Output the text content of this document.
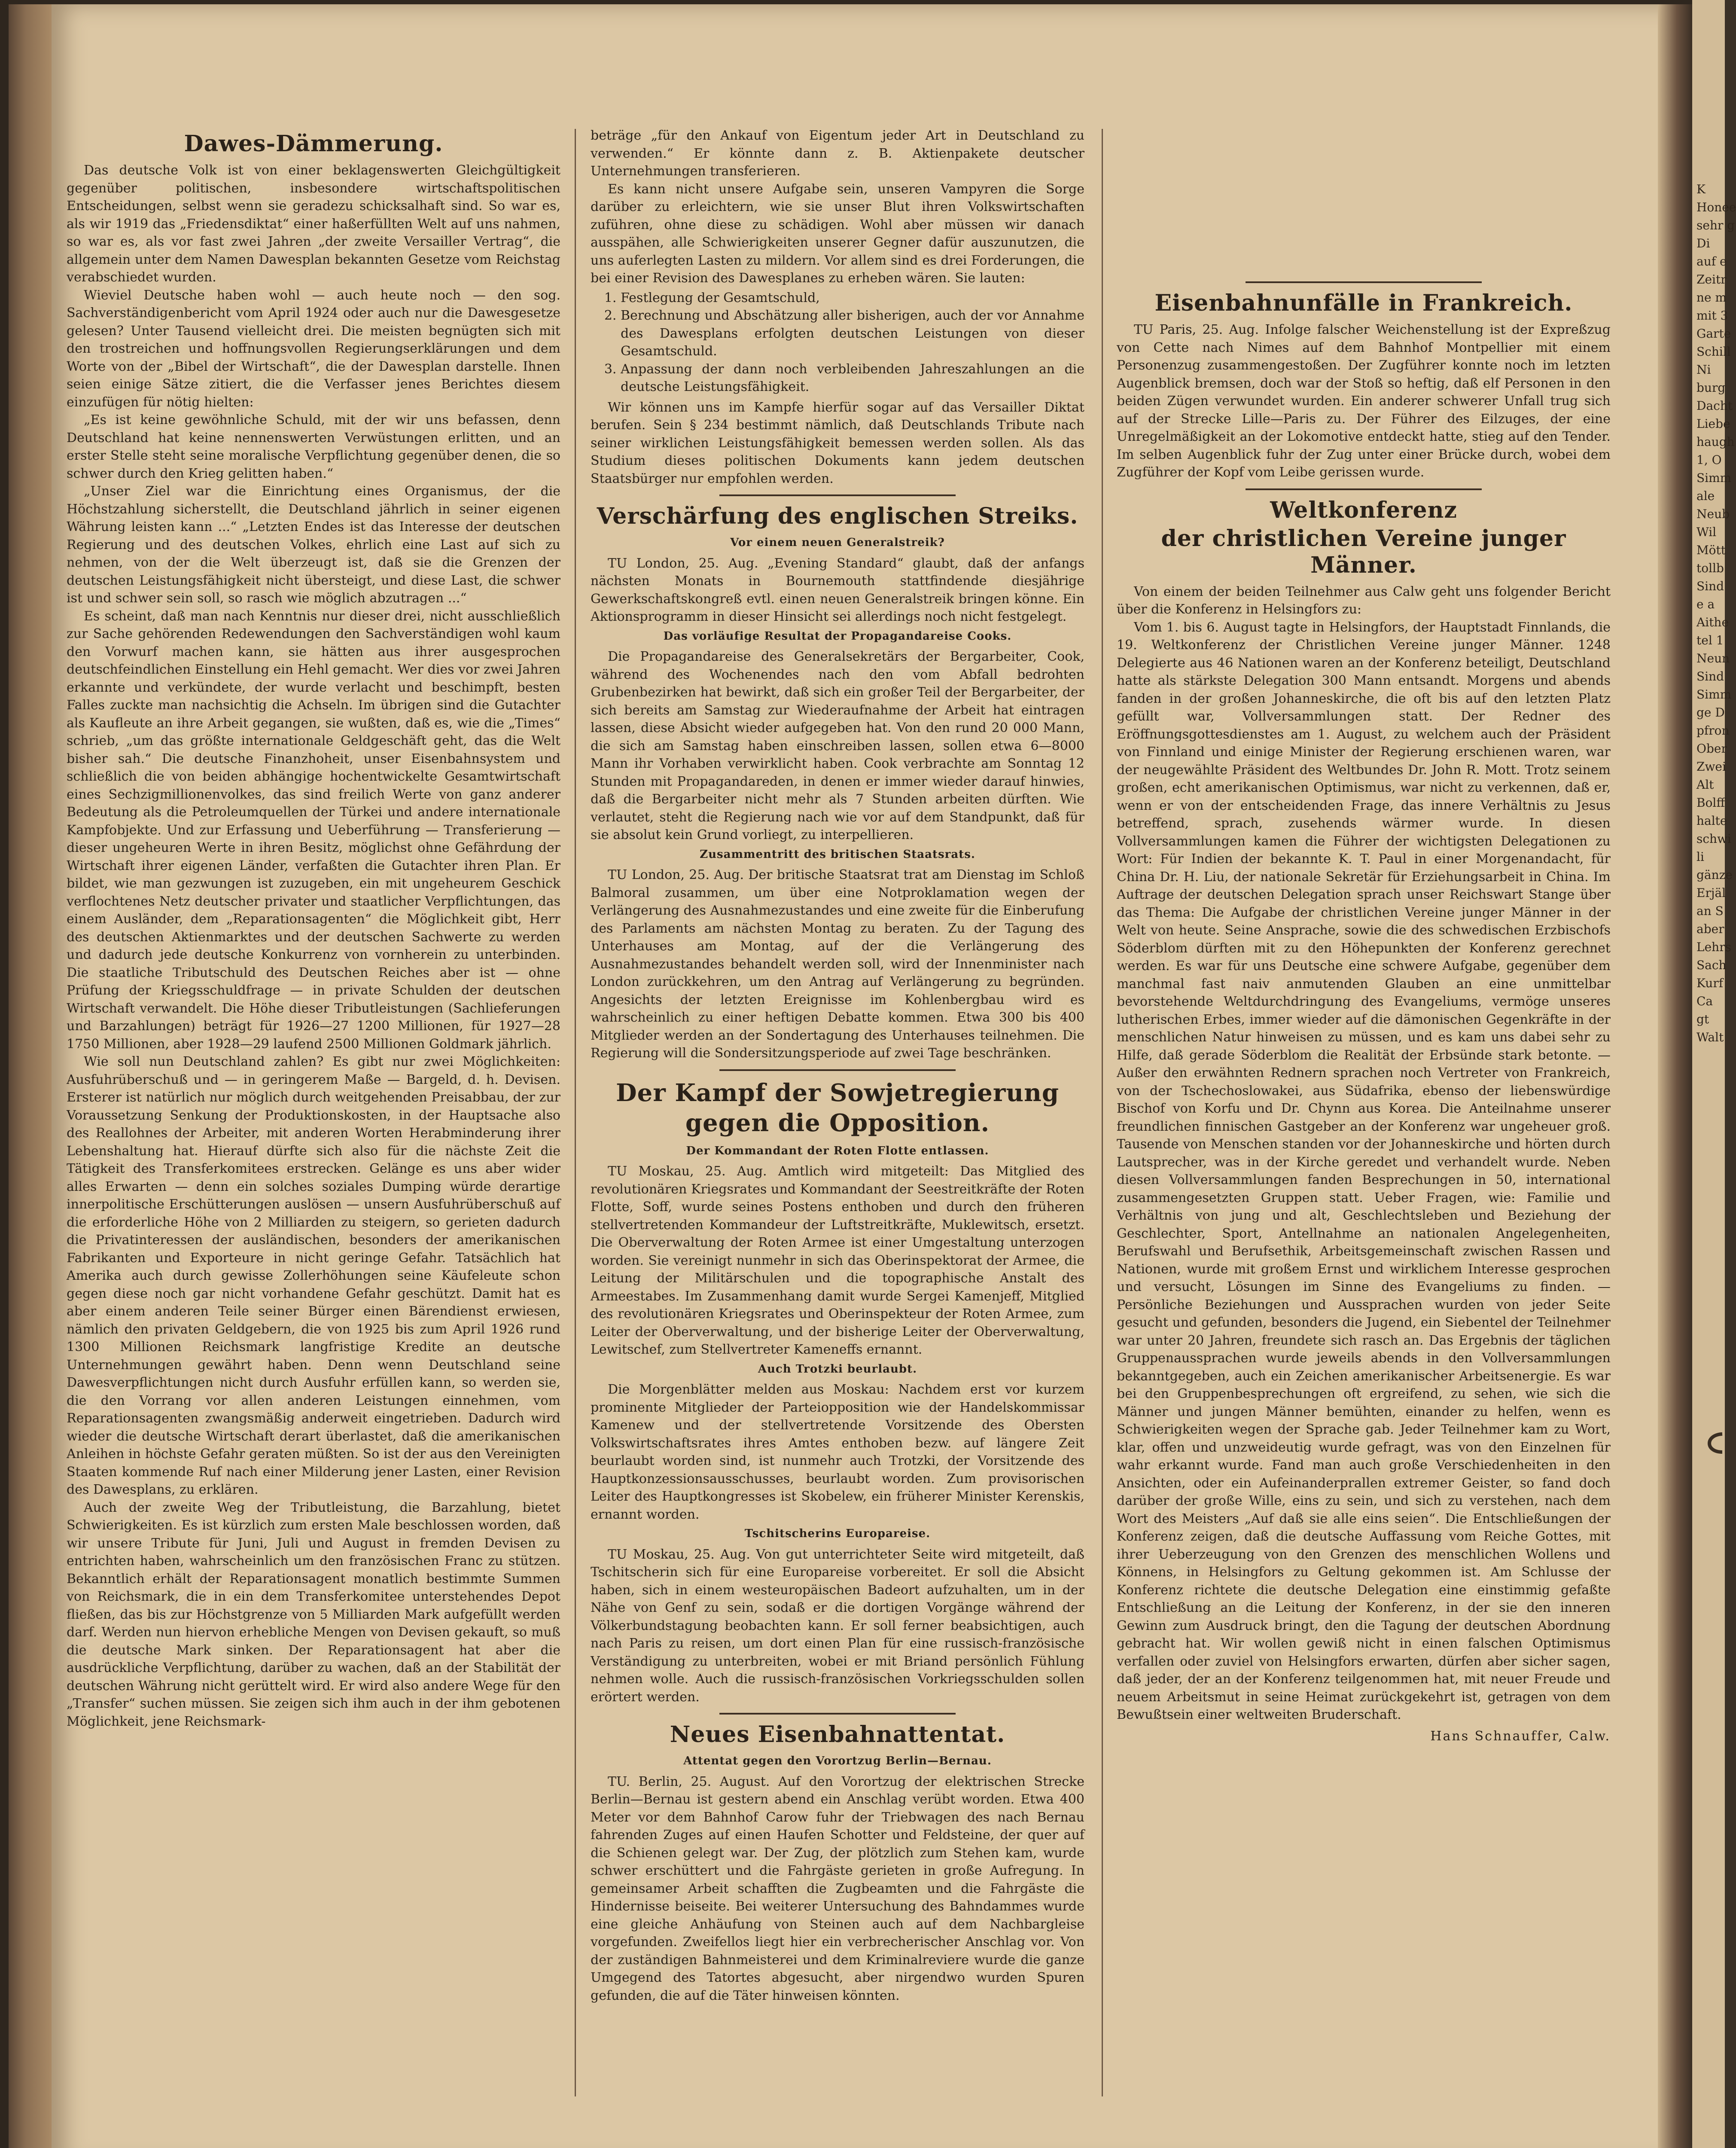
Dawes-Dämmerung.

Das deutsche Volk ist von einer beklagenswerten Gleichgültigkeit gegenüber politischen, insbesondere wirtschaftspolitischen Entscheidungen, selbst wenn sie geradezu schicksalhaft sind. So war es, als wir 1919 das „Friedensdiktat“ einer haßerfüllten Welt auf uns nahmen, so war es, als vor fast zwei Jahren „der zweite Versailler Vertrag“, die allgemein unter dem Namen Dawesplan bekannten Gesetze vom Reichstag verabschiedet wurden.

Wieviel Deutsche haben wohl — auch heute noch — den sog. Sachverständigenbericht vom April 1924 oder auch nur die Dawesgesetze gelesen? Unter Tausend vielleicht drei. Die meisten begnügten sich mit den trostreichen und hoffnungsvollen Regierungserklärungen und dem Worte von der „Bibel der Wirtschaft“, die der Dawesplan darstelle. Ihnen seien einige Sätze zitiert, die die Verfasser jenes Berichtes diesem einzufügen für nötig hielten:

„Es ist keine gewöhnliche Schuld, mit der wir uns befassen, denn Deutschland hat keine nennenswerten Verwüstungen erlitten, und an erster Stelle steht seine moralische Verpflichtung gegenüber denen, die so schwer durch den Krieg gelitten haben.“

„Unser Ziel war die Einrichtung eines Organismus, der die Höchstzahlung sicherstellt, die Deutschland jährlich in seiner eigenen Währung leisten kann ...“ „Letzten Endes ist das Interesse der deutschen Regierung und des deutschen Volkes, ehrlich eine Last auf sich zu nehmen, von der die Welt überzeugt ist, daß sie die Grenzen der deutschen Leistungsfähigkeit nicht übersteigt, und diese Last, die schwer ist und schwer sein soll, so rasch wie möglich abzutragen ...“

Es scheint, daß man nach Kenntnis nur dieser drei, nicht ausschließlich zur Sache gehörenden Redewendungen den Sachverständigen wohl kaum den Vorwurf machen kann, sie hätten aus ihrer ausgesprochen deutschfeindlichen Einstellung ein Hehl gemacht. Wer dies vor zwei Jahren erkannte und verkündete, der wurde verlacht und beschimpft, besten Falles zuckte man nachsichtig die Achseln. Im übrigen sind die Gutachter als Kaufleute an ihre Arbeit gegangen, sie wußten, daß es, wie die „Times“ schrieb, „um das größte internationale Geldgeschäft geht, das die Welt bisher sah.“ Die deutsche Finanzhoheit, unser Eisenbahnsystem und schließlich die von beiden abhängige hochentwickelte Gesamtwirtschaft eines Sechzigmillionenvolkes, das sind freilich Werte von ganz anderer Bedeutung als die Petroleumquellen der Türkei und andere internationale Kampfobjekte. Und zur Erfassung und Ueberführung — Transferierung — dieser ungeheuren Werte in ihren Besitz, möglichst ohne Gefährdung der Wirtschaft ihrer eigenen Länder, verfaßten die Gutachter ihren Plan. Er bildet, wie man gezwungen ist zuzugeben, ein mit ungeheurem Geschick verflochtenes Netz deutscher privater und staatlicher Verpflichtungen, das einem Ausländer, dem „Reparationsagenten“ die Möglichkeit gibt, Herr des deutschen Aktienmarktes und der deutschen Sachwerte zu werden und dadurch jede deutsche Konkurrenz von vornherein zu unterbinden. Die staatliche Tributschuld des Deutschen Reiches aber ist — ohne Prüfung der Kriegsschuldfrage — in private Schulden der deutschen Wirtschaft verwandelt. Die Höhe dieser Tributleistungen (Sachlieferungen und Barzahlungen) beträgt für 1926—27 1200 Millionen, für 1927—28 1750 Millionen, aber 1928—29 laufend 2500 Millionen Goldmark jährlich.

Wie soll nun Deutschland zahlen? Es gibt nur zwei Möglichkeiten: Ausfuhrüberschuß und — in geringerem Maße — Bargeld, d. h. Devisen. Ersterer ist natürlich nur möglich durch weitgehenden Preisabbau, der zur Voraussetzung Senkung der Produktionskosten, in der Hauptsache also des Reallohnes der Arbeiter, mit anderen Worten Herabminderung ihrer Lebenshaltung hat. Hierauf dürfte sich also für die nächste Zeit die Tätigkeit des Transferkomitees erstrecken. Gelänge es uns aber wider alles Erwarten — denn ein solches soziales Dumping würde derartige innerpolitische Erschütterungen auslösen — unsern Ausfuhrüberschuß auf die erforderliche Höhe von 2 Milliarden zu steigern, so gerieten dadurch die Privatinteressen der ausländischen, besonders der amerikanischen Fabrikanten und Exporteure in nicht geringe Gefahr. Tatsächlich hat Amerika auch durch gewisse Zollerhöhungen seine Käufeleute schon gegen diese noch gar nicht vorhandene Gefahr geschützt. Damit hat es aber einem anderen Teile seiner Bürger einen Bärendienst erwiesen, nämlich den privaten Geldgebern, die von 1925 bis zum April 1926 rund 1300 Millionen Reichsmark langfristige Kredite an deutsche Unternehmungen gewährt haben. Denn wenn Deutschland seine Dawesverpflichtungen nicht durch Ausfuhr erfüllen kann, so werden sie, die den Vorrang vor allen anderen Leistungen einnehmen, vom Reparationsagenten zwangsmäßig anderweit eingetrieben. Dadurch wird wieder die deutsche Wirtschaft derart überlastet, daß die amerikanischen Anleihen in höchste Gefahr geraten müßten. So ist der aus den Vereinigten Staaten kommende Ruf nach einer Milderung jener Lasten, einer Revision des Dawesplans, zu erklären.

Auch der zweite Weg der Tributleistung, die Barzahlung, bietet Schwierigkeiten. Es ist kürzlich zum ersten Male beschlossen worden, daß wir unsere Tribute für Juni, Juli und August in fremden Devisen zu entrichten haben, wahrscheinlich um den französischen Franc zu stützen. Bekanntlich erhält der Reparationsagent monatlich bestimmte Summen von Reichsmark, die in ein dem Transferkomitee unterstehendes Depot fließen, das bis zur Höchstgrenze von 5 Milliarden Mark aufgefüllt werden darf. Werden nun hiervon erhebliche Mengen von Devisen gekauft, so muß die deutsche Mark sinken. Der Reparationsagent hat aber die ausdrückliche Verpflichtung, darüber zu wachen, daß an der Stabilität der deutschen Währung nicht gerüttelt wird. Er wird also andere Wege für den „Transfer“ suchen müssen. Sie zeigen sich ihm auch in der ihm gebotenen Möglichkeit, jene Reichsmark-

beträge „für den Ankauf von Eigentum jeder Art in Deutschland zu verwenden.“ Er könnte dann z. B. Aktienpakete deutscher Unternehmungen transferieren.

Es kann nicht unsere Aufgabe sein, unseren Vampyren die Sorge darüber zu erleichtern, wie sie unser Blut ihren Volkswirtschaften zuführen, ohne diese zu schädigen. Wohl aber müssen wir danach ausspähen, alle Schwierigkeiten unserer Gegner dafür auszunutzen, die uns auferlegten Lasten zu mildern. Vor allem sind es drei Forderungen, die bei einer Revision des Dawesplanes zu erheben wären. Sie lauten:

1. Festlegung der Gesamtschuld,
2. Berechnung und Abschätzung aller bisherigen, auch der vor Annahme des Dawesplans erfolgten deutschen Leistungen von dieser Gesamtschuld.
3. Anpassung der dann noch verbleibenden Jahreszahlungen an die deutsche Leistungsfähigkeit.

Wir können uns im Kampfe hierfür sogar auf das Versailler Diktat berufen. Sein § 234 bestimmt nämlich, daß Deutschlands Tribute nach seiner wirklichen Leistungsfähigkeit bemessen werden sollen. Als das Studium dieses politischen Dokuments kann jedem deutschen Staatsbürger nur empfohlen werden.

Verschärfung des englischen Streiks.
Vor einem neuen Generalstreik?

TU London, 25. Aug. „Evening Standard“ glaubt, daß der anfangs nächsten Monats in Bournemouth stattfindende diesjährige Gewerkschaftskongreß evtl. einen neuen Generalstreik bringen könne. Ein Aktionsprogramm in dieser Hinsicht sei allerdings noch nicht festgelegt.

Das vorläufige Resultat der Propagandareise Cooks.

Die Propagandareise des Generalsekretärs der Bergarbeiter, Cook, während des Wochenendes nach den vom Abfall bedrohten Grubenbezirken hat bewirkt, daß sich ein großer Teil der Bergarbeiter, der sich bereits am Samstag zur Wiederaufnahme der Arbeit hat eintragen lassen, diese Absicht wieder aufgegeben hat. Von den rund 20 000 Mann, die sich am Samstag haben einschreiben lassen, sollen etwa 6—8000 Mann ihr Vorhaben verwirklicht haben. Cook verbrachte am Sonntag 12 Stunden mit Propagandareden, in denen er immer wieder darauf hinwies, daß die Bergarbeiter nicht mehr als 7 Stunden arbeiten dürften. Wie verlautet, steht die Regierung nach wie vor auf dem Standpunkt, daß für sie absolut kein Grund vorliegt, zu interpellieren.

Zusammentritt des britischen Staatsrats.

TU London, 25. Aug. Der britische Staatsrat trat am Dienstag im Schloß Balmoral zusammen, um über eine Notproklamation wegen der Verlängerung des Ausnahmezustandes und eine zweite für die Einberufung des Parlaments am nächsten Montag zu beraten. Zu der Tagung des Unterhauses am Montag, auf der die Verlängerung des Ausnahmezustandes behandelt werden soll, wird der Innenminister nach London zurückkehren, um den Antrag auf Verlängerung zu begründen. Angesichts der letzten Ereignisse im Kohlenbergbau wird es wahrscheinlich zu einer heftigen Debatte kommen. Etwa 300 bis 400 Mitglieder werden an der Sondertagung des Unterhauses teilnehmen. Die Regierung will die Sondersitzungsperiode auf zwei Tage beschränken.

Der Kampf der Sowjetregierung gegen die Opposition.
Der Kommandant der Roten Flotte entlassen.

TU Moskau, 25. Aug. Amtlich wird mitgeteilt: Das Mitglied des revolutionären Kriegsrates und Kommandant der Seestreitkräfte der Roten Flotte, Soff, wurde seines Postens enthoben und durch den früheren stellvertretenden Kommandeur der Luftstreitkräfte, Muklewitsch, ersetzt. Die Oberverwaltung der Roten Armee ist einer Umgestaltung unterzogen worden. Sie vereinigt nunmehr in sich das Oberinspektorat der Armee, die Leitung der Militärschulen und die topographische Anstalt des Armeestabes. Im Zusammenhang damit wurde Sergei Kamenjeff, Mitglied des revolutionären Kriegsrates und Oberinspekteur der Roten Armee, zum Leiter der Oberverwaltung, und der bisherige Leiter der Oberverwaltung, Lewitschef, zum Stellvertreter Kameneffs ernannt.

Auch Trotzki beurlaubt.

Die Morgenblätter melden aus Moskau: Nachdem erst vor kurzem prominente Mitglieder der Parteiopposition wie der Handelskommissar Kamenew und der stellvertretende Vorsitzende des Obersten Volkswirtschaftsrates ihres Amtes enthoben bezw. auf längere Zeit beurlaubt worden sind, ist nunmehr auch Trotzki, der Vorsitzende des Hauptkonzessionsausschusses, beurlaubt worden. Zum provisorischen Leiter des Hauptkongresses ist Skobelew, ein früherer Minister Kerenskis, ernannt worden.

Tschitscherins Europareise.

TU Moskau, 25. Aug. Von gut unterrichteter Seite wird mitgeteilt, daß Tschitscherin sich für eine Europareise vorbereitet. Er soll die Absicht haben, sich in einem westeuropäischen Badeort aufzuhalten, um in der Nähe von Genf zu sein, sodaß er die dortigen Vorgänge während der Völkerbundstagung beobachten kann. Er soll ferner beabsichtigen, auch nach Paris zu reisen, um dort einen Plan für eine russisch-französische Verständigung zu unterbreiten, wobei er mit Briand persönlich Fühlung nehmen wolle. Auch die russisch-französischen Vorkriegsschulden sollen erörtert werden.

Neues Eisenbahnattentat.
Attentat gegen den Vorortzug Berlin—Bernau.

TU. Berlin, 25. August. Auf den Vorortzug der elektrischen Strecke Berlin—Bernau ist gestern abend ein Anschlag verübt worden. Etwa 400 Meter vor dem Bahnhof Carow fuhr der Triebwagen des nach Bernau fahrenden Zuges auf einen Haufen Schotter und Feldsteine, der quer auf die Schienen gelegt war. Der Zug, der plötzlich zum Stehen kam, wurde schwer erschüttert und die Fahrgäste gerieten in große Aufregung. In gemeinsamer Arbeit schafften die Zugbeamten und die Fahrgäste die Hindernisse beiseite. Bei weiterer Untersuchung des Bahndammes wurde eine gleiche Anhäufung von Steinen auch auf dem Nachbargleise vorgefunden. Zweifellos liegt hier ein verbrecherischer Anschlag vor. Von der zuständigen Bahnmeisterei und dem Kriminalreviere wurde die ganze Umgegend des Tatortes abgesucht, aber nirgendwo wurden Spuren gefunden, die auf die Täter hinweisen könnten.

Eisenbahnunfälle in Frankreich.

TU Paris, 25. Aug. Infolge falscher Weichenstellung ist der Expreßzug von Cette nach Nimes auf dem Bahnhof Montpellier mit einem Personenzug zusammengestoßen. Der Zugführer konnte noch im letzten Augenblick bremsen, doch war der Stoß so heftig, daß elf Personen in den beiden Zügen verwundet wurden. Ein anderer schwerer Unfall trug sich auf der Strecke Lille—Paris zu. Der Führer des Eilzuges, der eine Unregelmäßigkeit an der Lokomotive entdeckt hatte, stieg auf den Tender. Im selben Augenblick fuhr der Zug unter einer Brücke durch, wobei dem Zugführer der Kopf vom Leibe gerissen wurde.

Weltkonferenz
der christlichen Vereine junger Männer.

Von einem der beiden Teilnehmer aus Calw geht uns folgender Bericht über die Konferenz in Helsingfors zu:

Vom 1. bis 6. August tagte in Helsingfors, der Hauptstadt Finnlands, die 19. Weltkonferenz der Christlichen Vereine junger Männer. 1248 Delegierte aus 46 Nationen waren an der Konferenz beteiligt, Deutschland hatte als stärkste Delegation 300 Mann entsandt. Morgens und abends fanden in der großen Johanneskirche, die oft bis auf den letzten Platz gefüllt war, Vollversammlungen statt. Der Redner des Eröffnungsgottesdienstes am 1. August, zu welchem auch der Präsident von Finnland und einige Minister der Regierung erschienen waren, war der neugewählte Präsident des Weltbundes Dr. John R. Mott. Trotz seinem großen, echt amerikanischen Optimismus, war nicht zu verkennen, daß er, wenn er von der entscheidenden Frage, das innere Verhältnis zu Jesus betreffend, sprach, zusehends wärmer wurde. In diesen Vollversammlungen kamen die Führer der wichtigsten Delegationen zu Wort: Für Indien der bekannte K. T. Paul in einer Morgenandacht, für China Dr. H. Liu, der nationale Sekretär für Erziehungsarbeit in China. Im Auftrage der deutschen Delegation sprach unser Reichswart Stange über das Thema: Die Aufgabe der christlichen Vereine junger Männer in der Welt von heute. Seine Ansprache, sowie die des schwedischen Erzbischofs Söderblom dürften mit zu den Höhepunkten der Konferenz gerechnet werden. Es war für uns Deutsche eine schwere Aufgabe, gegenüber dem manchmal fast naiv anmutenden Glauben an eine unmittelbar bevorstehende Weltdurchdringung des Evangeliums, vermöge unseres lutherischen Erbes, immer wieder auf die dämonischen Gegenkräfte in der menschlichen Natur hinweisen zu müssen, und es kam uns dabei sehr zu Hilfe, daß gerade Söderblom die Realität der Erbsünde stark betonte. — Außer den erwähnten Rednern sprachen noch Vertreter von Frankreich, von der Tschechoslowakei, aus Südafrika, ebenso der liebenswürdige Bischof von Korfu und Dr. Chynn aus Korea. Die Anteilnahme unserer freundlichen finnischen Gastgeber an der Konferenz war ungeheuer groß. Tausende von Menschen standen vor der Johanneskirche und hörten durch Lautsprecher, was in der Kirche geredet und verhandelt wurde. Neben diesen Vollversammlungen fanden Besprechungen in 50, international zusammengesetzten Gruppen statt. Ueber Fragen, wie: Familie und Verhältnis von jung und alt, Geschlechtsleben und Beziehung der Geschlechter, Sport, Antellnahme an nationalen Angelegenheiten, Berufswahl und Berufsethik, Arbeitsgemeinschaft zwischen Rassen und Nationen, wurde mit großem Ernst und wirklichem Interesse gesprochen und versucht, Lösungen im Sinne des Evangeliums zu finden. — Persönliche Beziehungen und Aussprachen wurden von jeder Seite gesucht und gefunden, besonders die Jugend, ein Siebentel der Teilnehmer war unter 20 Jahren, freundete sich rasch an. Das Ergebnis der täglichen Gruppenaussprachen wurde jeweils abends in den Vollversammlungen bekanntgegeben, auch ein Zeichen amerikanischer Arbeitsenergie. Es war bei den Gruppenbesprechungen oft ergreifend, zu sehen, wie sich die Männer und jungen Männer bemühten, einander zu helfen, wenn es Schwierigkeiten wegen der Sprache gab. Jeder Teilnehmer kam zu Wort, klar, offen und unzweideutig wurde gefragt, was von den Einzelnen für wahr erkannt wurde. Fand man auch große Verschiedenheiten in den Ansichten, oder ein Aufeinanderprallen extremer Geister, so fand doch darüber der große Wille, eins zu sein, und sich zu verstehen, nach dem Wort des Meisters „Auf daß sie alle eins seien“. Die Entschließungen der Konferenz zeigen, daß die deutsche Auffassung vom Reiche Gottes, mit ihrer Ueberzeugung von den Grenzen des menschlichen Wollens und Könnens, in Helsingfors zu Geltung gekommen ist. Am Schlusse der Konferenz richtete die deutsche Delegation eine einstimmig gefaßte Entschließung an die Leitung der Konferenz, in der sie den inneren Gewinn zum Ausdruck bringt, den die Tagung der deutschen Abordnung gebracht hat. Wir wollen gewiß nicht in einen falschen Optimismus verfallen oder zuviel von Helsingfors erwarten, dürfen aber sicher sagen, daß jeder, der an der Konferenz teilgenommen hat, mit neuer Freude und neuem Arbeitsmut in seine Heimat zurückgekehrt ist, getragen von dem Bewußtsein einer weltweiten Bruderschaft.

Hans Schnauffer, Calw.
K
Honee
sehr g
Di
auf e
Zeitr
ne m
mit 3
Garte
Schill
Ni
burg
Dacht
Liebe
haugh
1, O
Simm
ale
Neub
Wil
Mött
tollb
Sind
e a
Aithe
tel 1
Neun
Sind
Simm
ge D
pfron
Ober
Zwei
Alt
Bolff
halte
schwi
li
gänze
Erjäl
an S
aber
Lehrs
Sach
Kurf
Ca
gt
Walt
